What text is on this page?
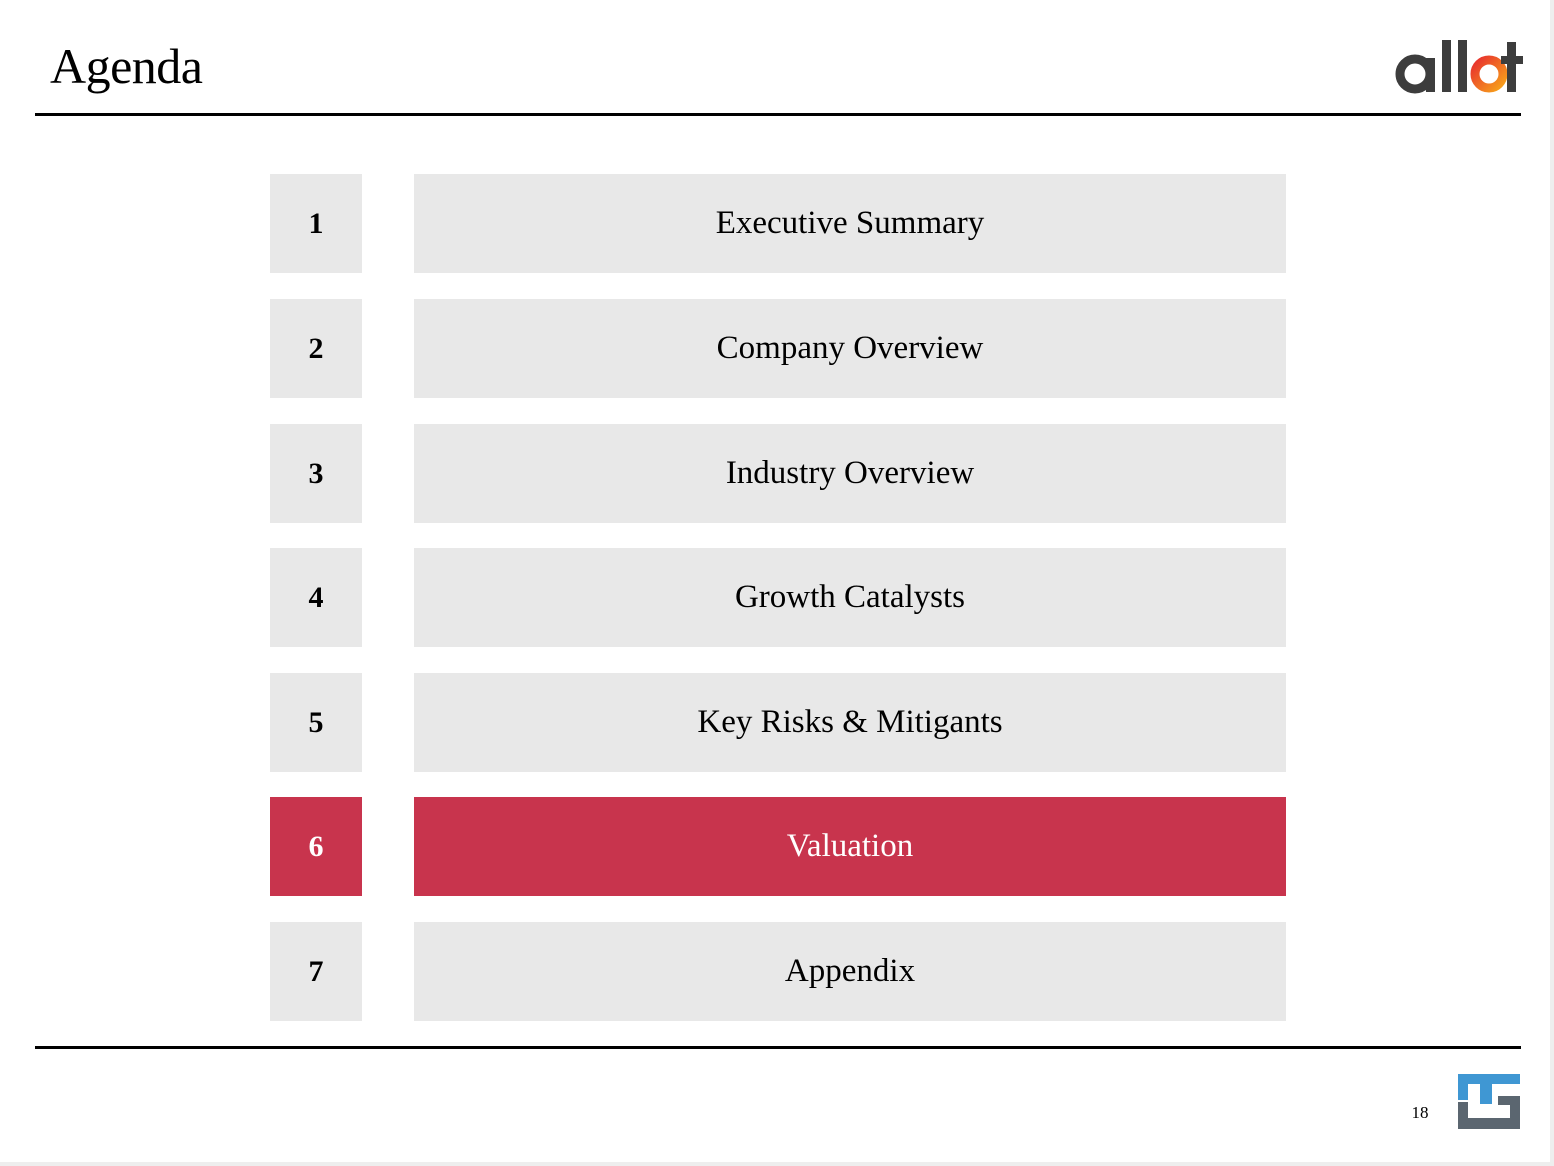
Agenda
1	Executive Summary
2	Company Overview
3	Industry Overview
4	Growth Catalysts
5	Key Risks & Mitigants
6	Valuation
7	Appendix
18
